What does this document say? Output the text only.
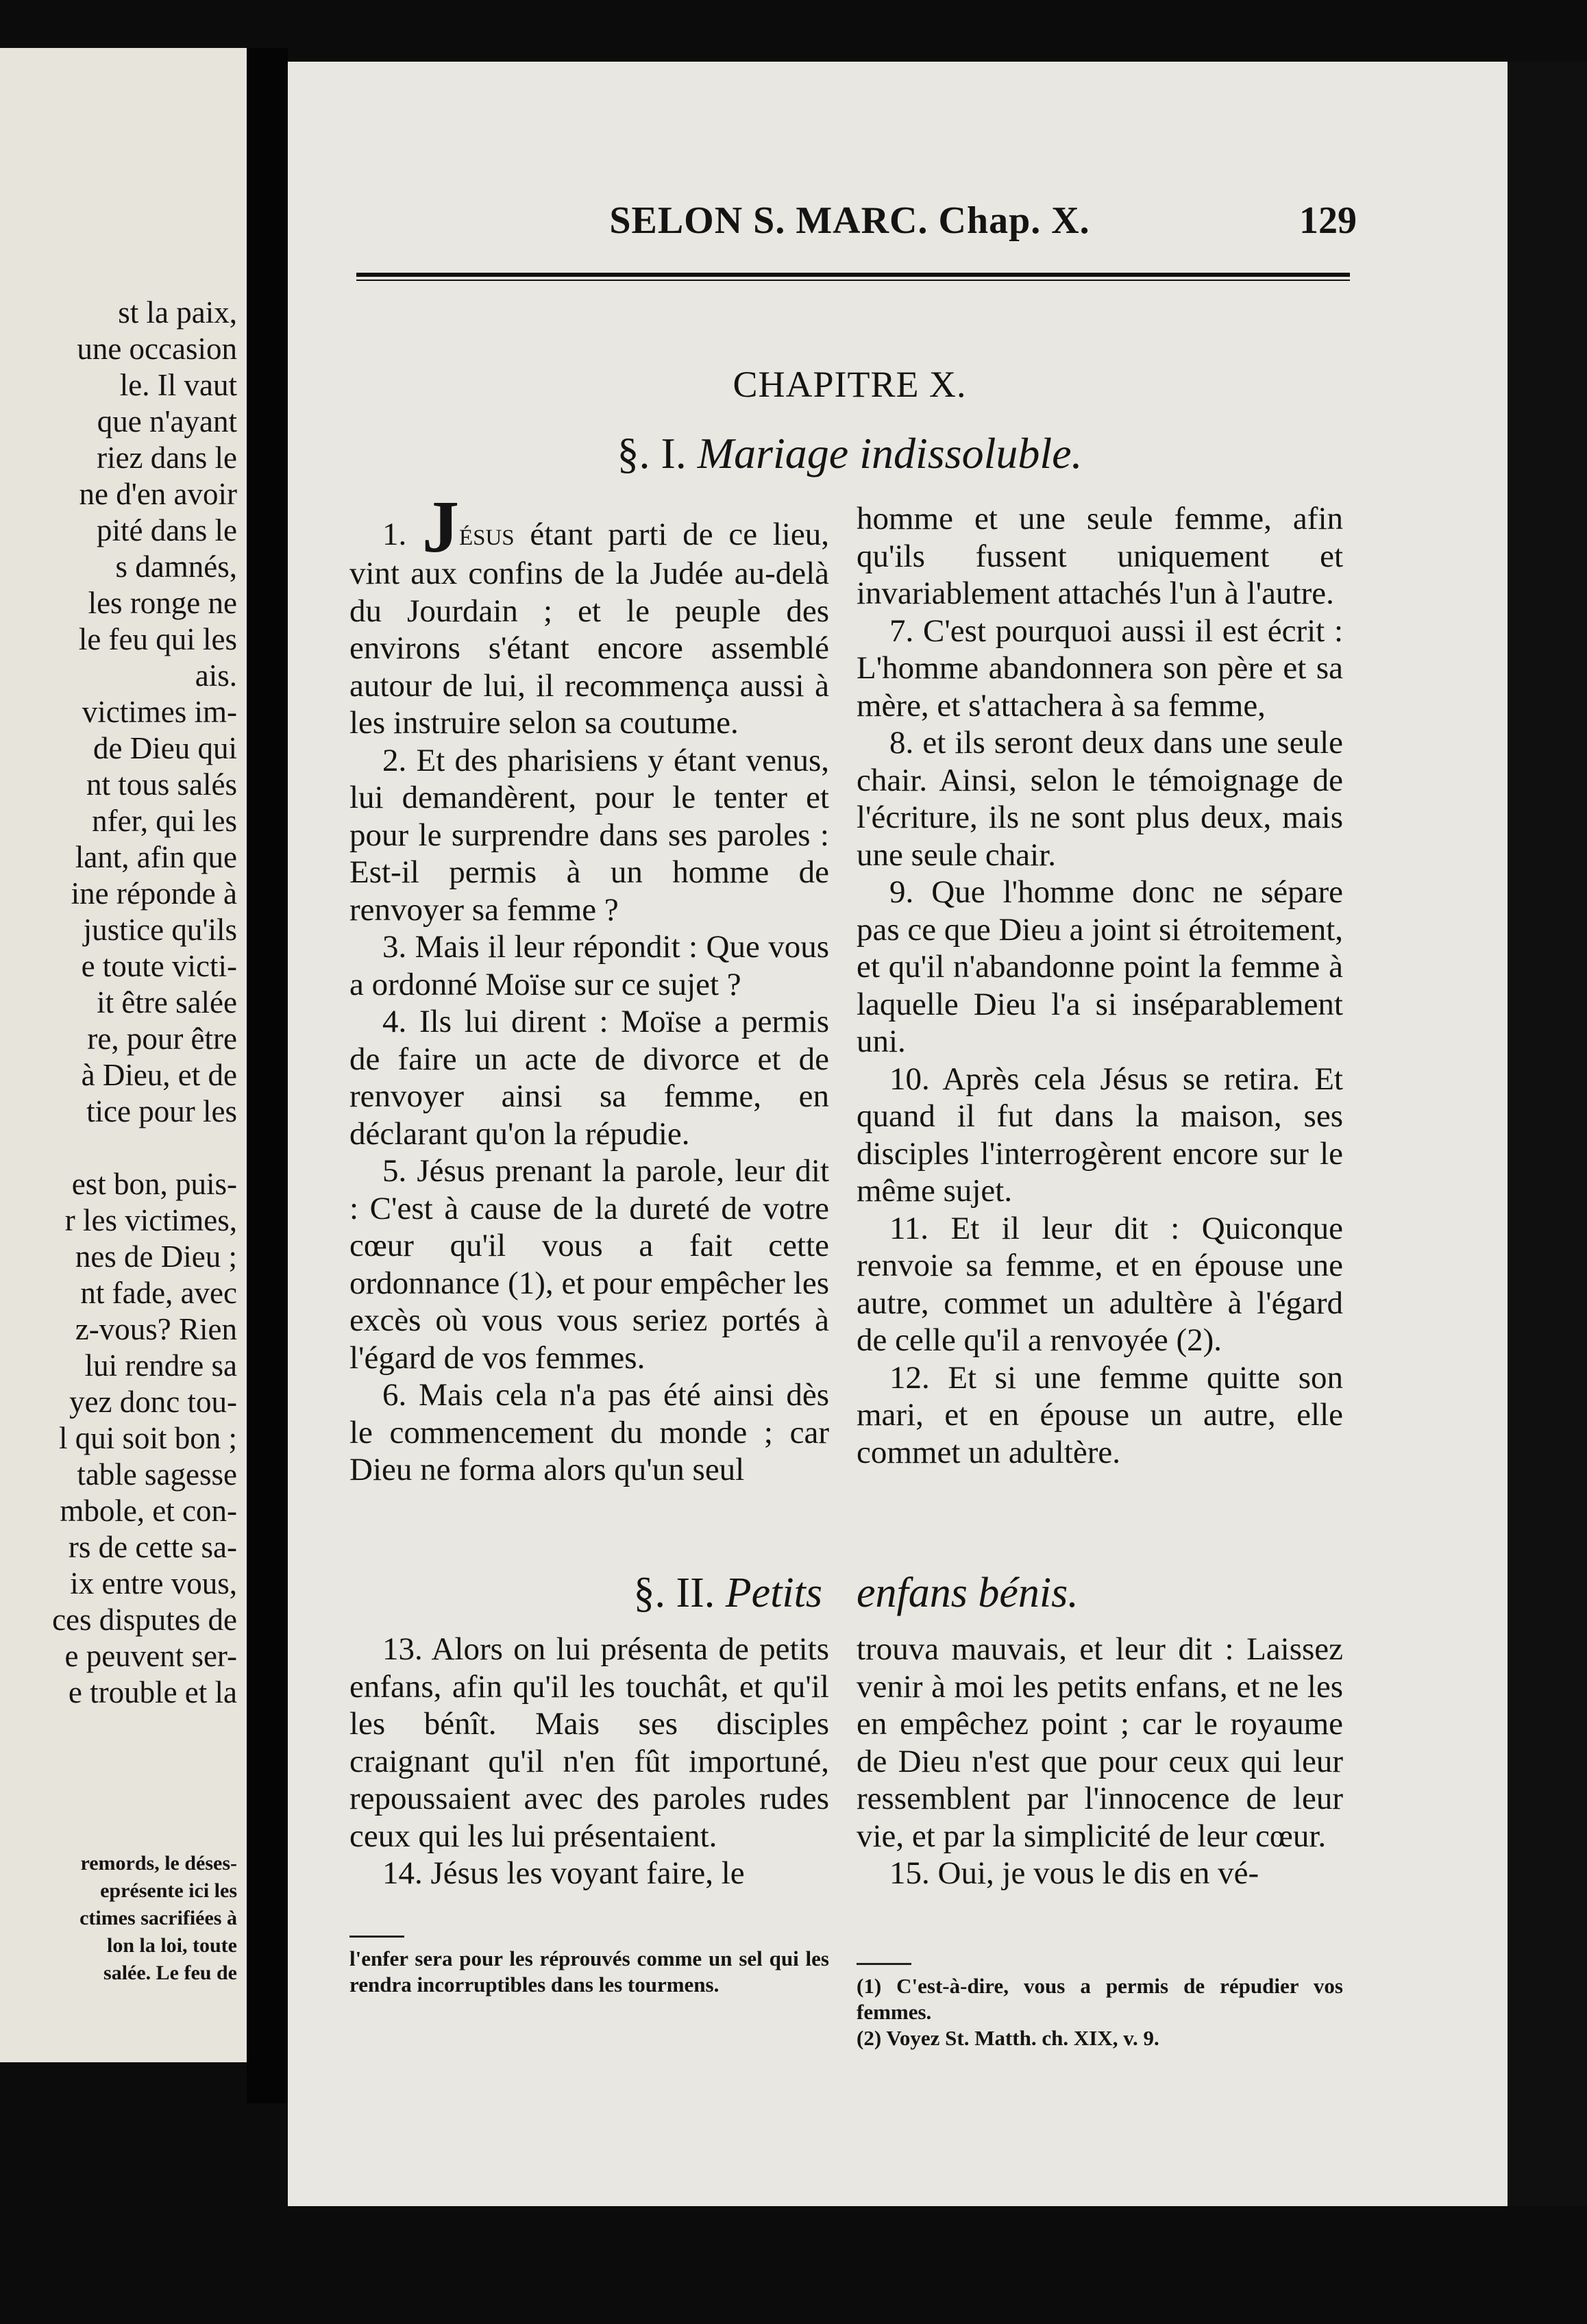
st la paix,
une occasion
le. Il vaut
que n'ayant
riez dans le
ne d'en avoir
pité dans le
s damnés,
les ronge ne
le feu qui les
ais.
victimes im-
de Dieu qui
nt tous salés
nfer, qui les
lant, afin que
ine réponde à
justice qu'ils
e toute victi-
it être salée
re, pour être
à Dieu, et de
tice pour les

est bon, puis-
r les victimes,
nes de Dieu ;
nt fade, avec
z-vous? Rien
lui rendre sa
yez donc tou-
l qui soit bon ;
table sagesse
mbole, et con-
rs de cette sa-
ix entre vous,
ces disputes de
e peuvent ser-
e trouble et la
remords, le déses-
eprésente ici les
ctimes sacrifiées à
lon la loi, toute
salée. Le feu de
SELON S. MARC. Chap. X.	129
CHAPITRE X.
§. I. Mariage indissoluble.

1. Jésus étant parti de ce lieu, vint aux confins de la Judée au-delà du Jourdain ; et le peuple des environs s'étant encore assemblé autour de lui, il recommença aussi à les instruire selon sa coutume.

2. Et des pharisiens y étant venus, lui demandèrent, pour le tenter et pour le surprendre dans ses paroles : Est-il permis à un homme de renvoyer sa femme ?

3. Mais il leur répondit : Que vous a ordonné Moïse sur ce sujet ?

4. Ils lui dirent : Moïse a permis de faire un acte de divorce et de renvoyer ainsi sa femme, en déclarant qu'on la répudie.

5. Jésus prenant la parole, leur dit : C'est à cause de la dureté de votre cœur qu'il vous a fait cette ordonnance (1), et pour empêcher les excès où vous vous seriez portés à l'égard de vos femmes.

6. Mais cela n'a pas été ainsi dès le commencement du monde ; car Dieu ne forma alors qu'un seul

homme et une seule femme, afin qu'ils fussent uniquement et invariablement attachés l'un à l'autre.

7. C'est pourquoi aussi il est écrit : L'homme abandonnera son père et sa mère, et s'attachera à sa femme,

8. et ils seront deux dans une seule chair. Ainsi, selon le témoignage de l'écriture, ils ne sont plus deux, mais une seule chair.

9. Que l'homme donc ne sépare pas ce que Dieu a joint si étroitement, et qu'il n'abandonne point la femme à laquelle Dieu l'a si inséparablement uni.

10. Après cela Jésus se retira. Et quand il fut dans la maison, ses disciples l'interrogèrent encore sur le même sujet.

11. Et il leur dit : Quiconque renvoie sa femme, et en épouse une autre, commet un adultère à l'égard de celle qu'il a renvoyée (2).

12. Et si une femme quitte son mari, et en épouse un autre, elle commet un adultère.

§. II. Petits enfans bénis.

13. Alors on lui présenta de petits enfans, afin qu'il les touchât, et qu'il les bénît. Mais ses disciples craignant qu'il n'en fût importuné, repoussaient avec des paroles rudes ceux qui les lui présentaient.

14. Jésus les voyant faire, le

trouva mauvais, et leur dit : Laissez venir à moi les petits enfans, et ne les en empêchez point ; car le royaume de Dieu n'est que pour ceux qui leur ressemblent par l'innocence de leur vie, et par la simplicité de leur cœur.

15. Oui, je vous le dis en vé-

l'enfer sera pour les réprouvés comme un sel qui les rendra incorruptibles dans les tourmens.	(1) C'est-à-dire, vous a permis de répudier vos femmes.

(2) Voyez St. Matth. ch. XIX, v. 9.
